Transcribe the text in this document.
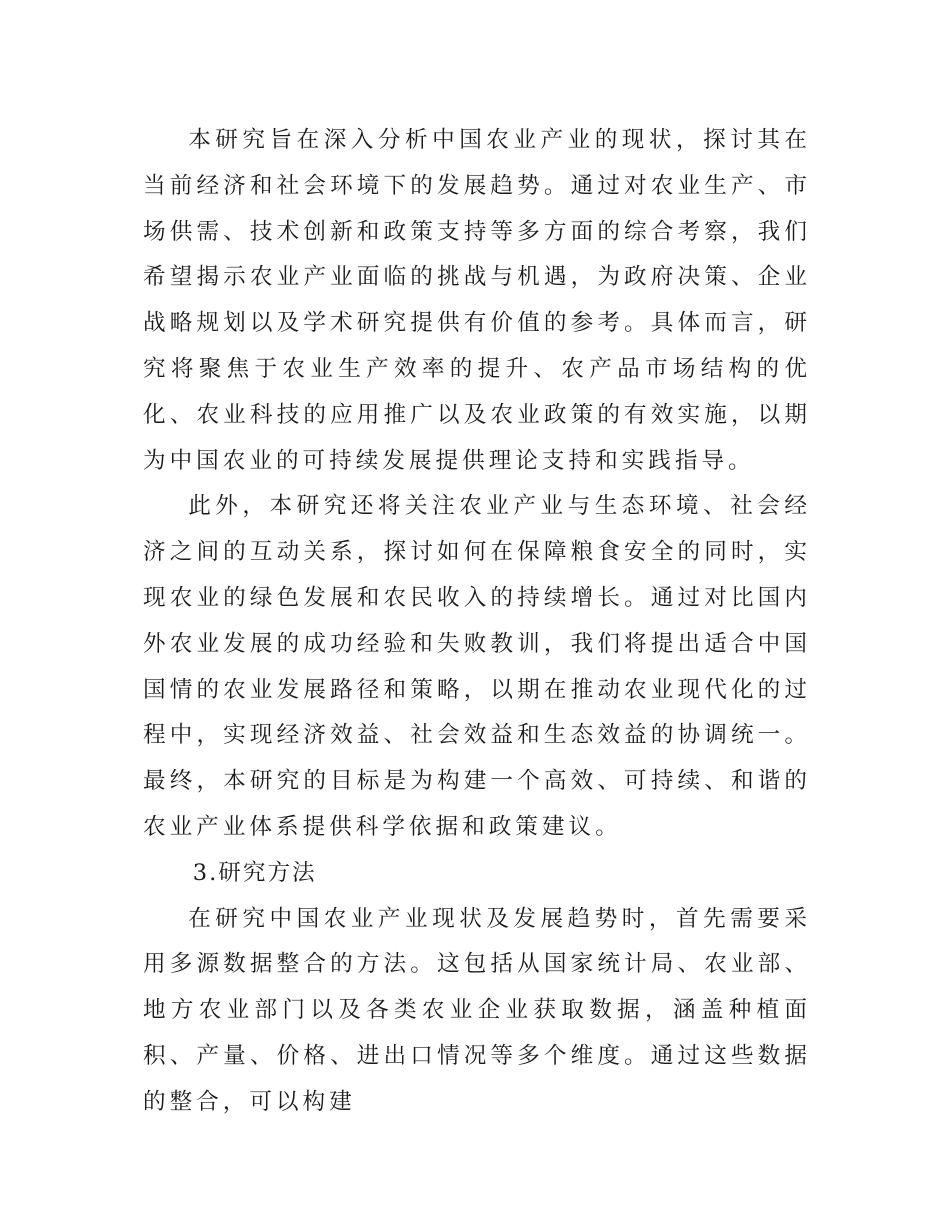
本研究旨在深入分析中国农业产业的现状，探讨其在当前经济和社会环境下的发展趋势。通过对农业生产、市场供需、技术创新和政策支持等多方面的综合考察，我们希望揭示农业产业面临的挑战与机遇，为政府决策、企业战略规划以及学术研究提供有价值的参考。具体而言，研究将聚焦于农业生产效率的提升、农产品市场结构的优化、农业科技的应用推广以及农业政策的有效实施，以期为中国农业的可持续发展提供理论支持和实践指导。

此外，本研究还将关注农业产业与生态环境、社会经济之间的互动关系，探讨如何在保障粮食安全的同时，实现农业的绿色发展和农民收入的持续增长。通过对比国内外农业发展的成功经验和失败教训，我们将提出适合中国国情的农业发展路径和策略，以期在推动农业现代化的过程中，实现经济效益、社会效益和生态效益的协调统一。最终，本研究的目标是为构建一个高效、可持续、和谐的农业产业体系提供科学依据和政策建议。

3.研究方法

在研究中国农业产业现状及发展趋势时，首先需要采用多源数据整合的方法。这包括从国家统计局、农业部、地方农业部门以及各类农业企业获取数据，涵盖种植面积、产量、价格、进出口情况等多个维度。通过这些数据的整合，可以构建
